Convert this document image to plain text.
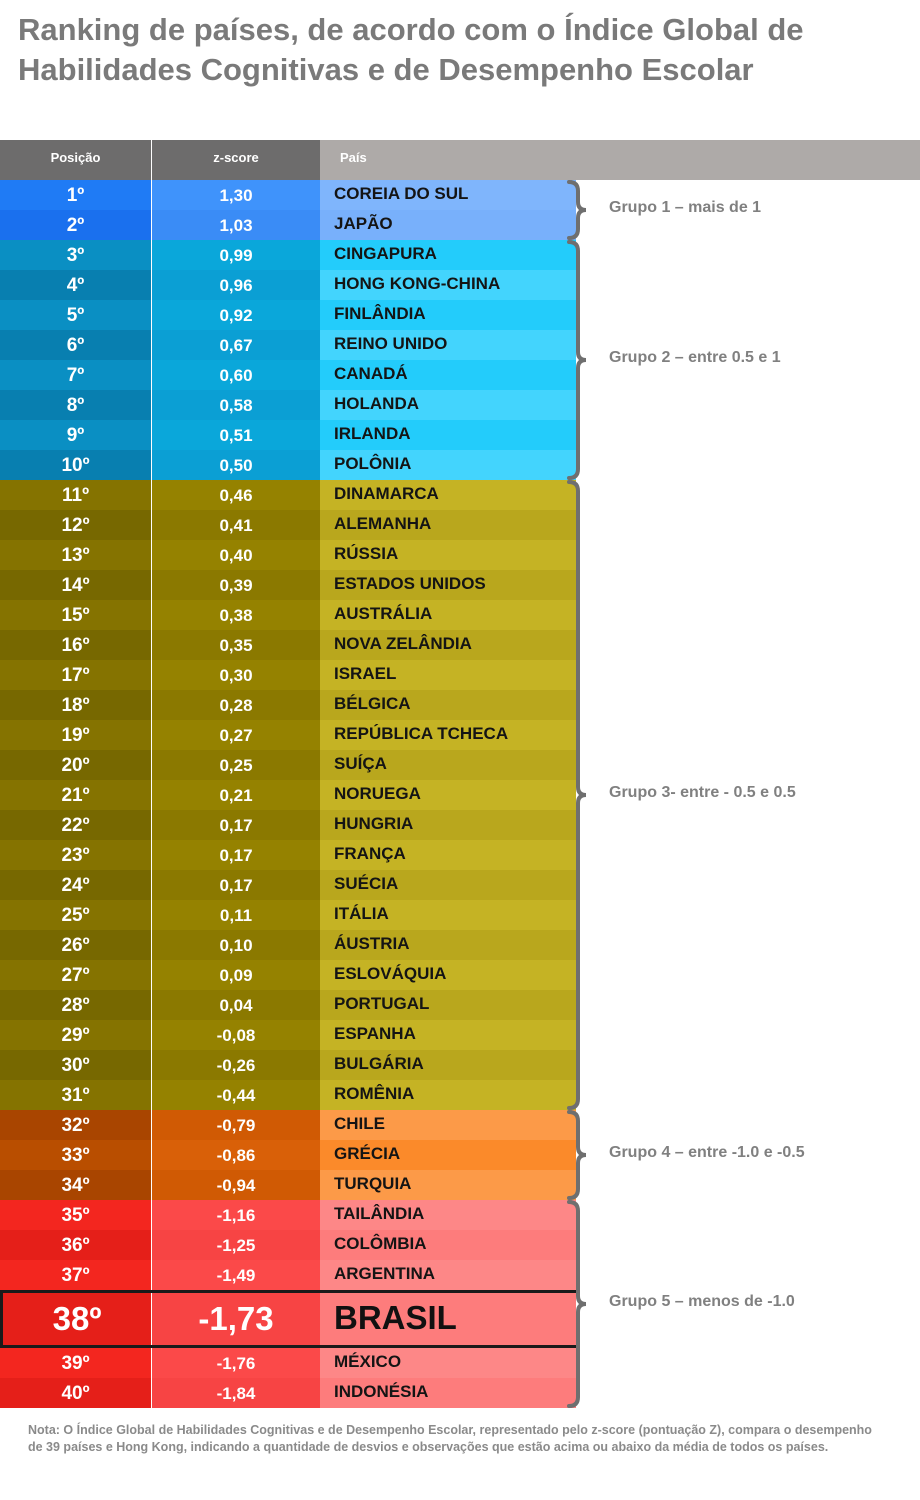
Ranking de países, de acordo com o Índice Global de Habilidades Cognitivas e de Desempenho Escolar
Posição	z-score	País
1º	1,30	COREIA DO SUL
2º	1,03	JAPÃO
3º	0,99	CINGAPURA
4º	0,96	HONG KONG-CHINA
5º	0,92	FINLÂNDIA
6º	0,67	REINO UNIDO
7º	0,60	CANADÁ
8º	0,58	HOLANDA
9º	0,51	IRLANDA
10º	0,50	POLÔNIA
11º	0,46	DINAMARCA
12º	0,41	ALEMANHA
13º	0,40	RÚSSIA
14º	0,39	ESTADOS UNIDOS
15º	0,38	AUSTRÁLIA
16º	0,35	NOVA ZELÂNDIA
17º	0,30	ISRAEL
18º	0,28	BÉLGICA
19º	0,27	REPÚBLICA TCHECA
20º	0,25	SUÍÇA
21º	0,21	NORUEGA
22º	0,17	HUNGRIA
23º	0,17	FRANÇA
24º	0,17	SUÉCIA
25º	0,11	ITÁLIA
26º	0,10	ÁUSTRIA
27º	0,09	ESLOVÁQUIA
28º	0,04	PORTUGAL
29º	-0,08	ESPANHA
30º	-0,26	BULGÁRIA
31º	-0,44	ROMÊNIA
32º	-0,79	CHILE
33º	-0,86	GRÉCIA
34º	-0,94	TURQUIA
35º	-1,16	TAILÂNDIA
36º	-1,25	COLÔMBIA
37º	-1,49	ARGENTINA
38º	-1,73	BRASIL
39º	-1,76	MÉXICO
40º	-1,84	INDONÉSIA
Grupo 1 – mais de 1
Grupo 2 – entre 0.5 e 1
Grupo 3- entre - 0.5 e 0.5
Grupo 4 – entre -1.0 e -0.5
Grupo 5 – menos de -1.0
Nota: O Índice Global de Habilidades Cognitivas e de Desempenho Escolar, representado pelo z-score (pontuação Z), compara o desempenho de 39 países e Hong Kong, indicando a quantidade de desvios e observações que estão acima ou abaixo da média de todos os países.
